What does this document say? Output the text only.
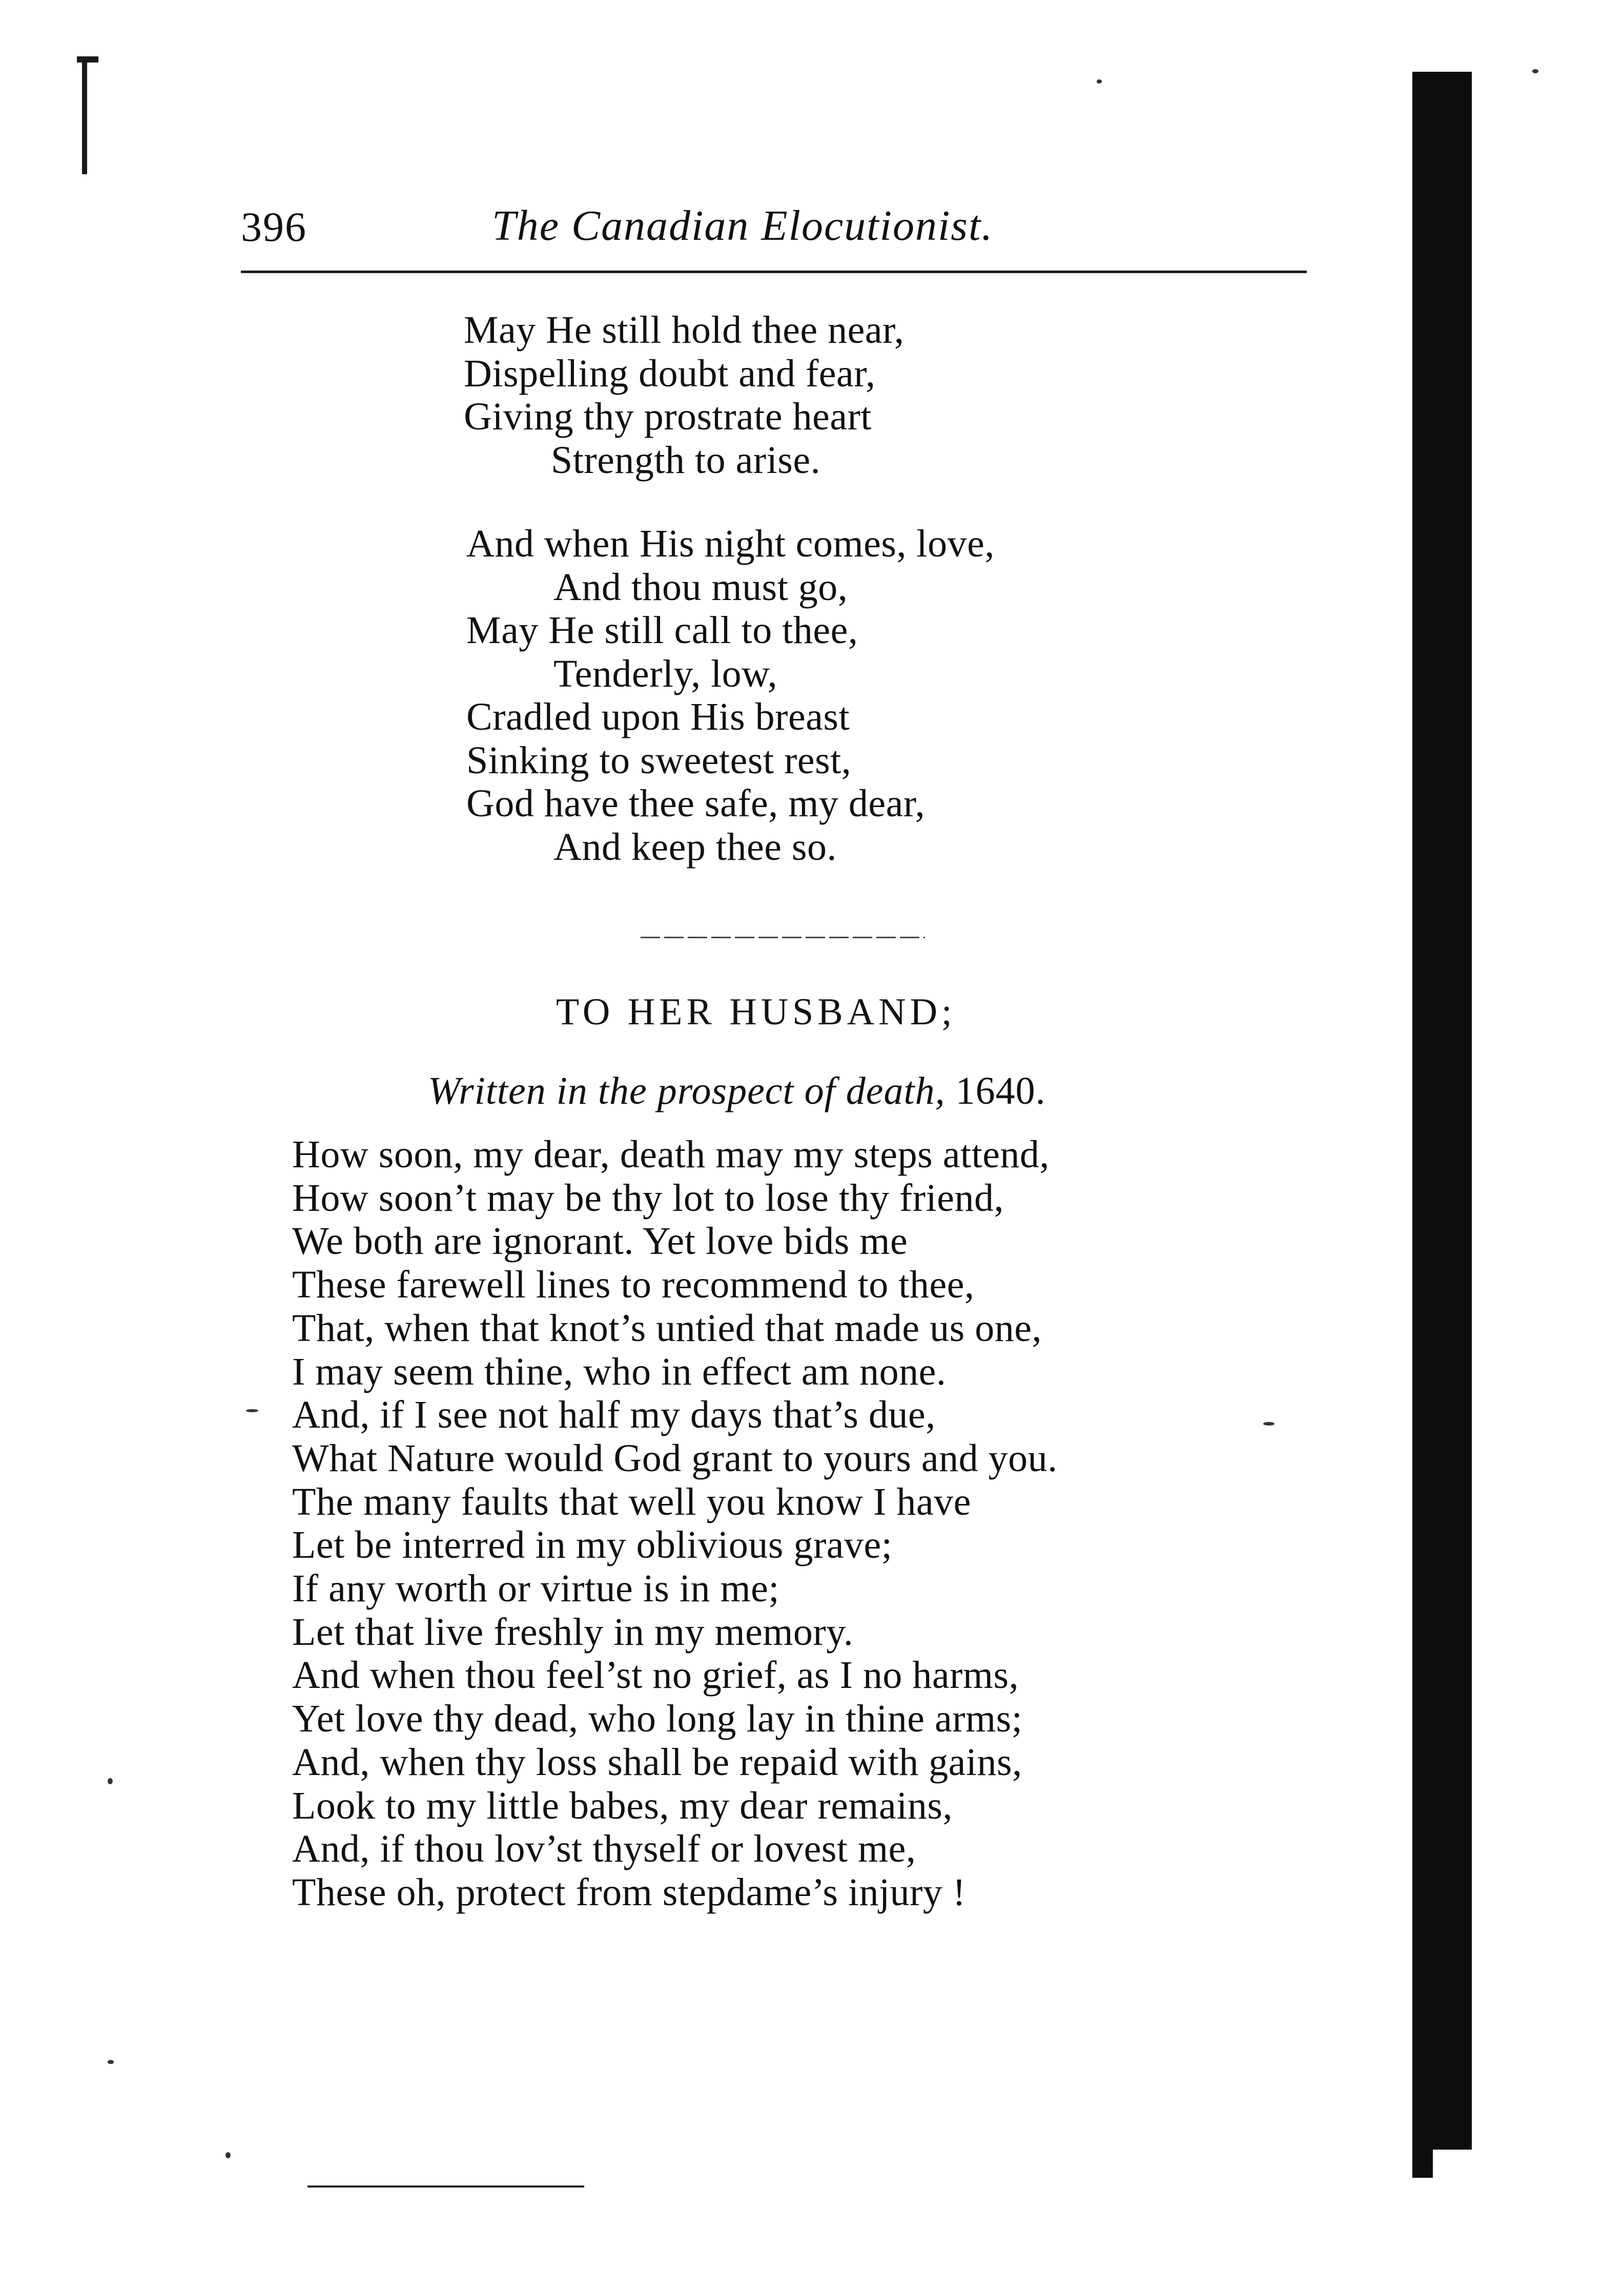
396	The Canadian Elocutionist.
May He still hold thee near,
Dispelling doubt and fear,
Giving thy prostrate heart
Strength to arise.
And when His night comes, love,
And thou must go,
May He still call to thee,
Tenderly, low,
Cradled upon His breast
Sinking to sweetest rest,
God have thee safe, my dear,
And keep thee so.
TO HER HUSBAND;
Written in the prospect of death, 1640.
How soon, my dear, death may my steps attend,
How soon’t may be thy lot to lose thy friend,
We both are ignorant. Yet love bids me
These farewell lines to recommend to thee,
That, when that knot’s untied that made us one,
I may seem thine, who in effect am none.
And, if I see not half my days that’s due,
What Nature would God grant to yours and you.
The many faults that well you know I have
Let be interred in my oblivious grave;
If any worth or virtue is in me;
Let that live freshly in my memory.
And when thou feel’st no grief, as I no harms,
Yet love thy dead, who long lay in thine arms;
And, when thy loss shall be repaid with gains,
Look to my little babes, my dear remains,
And, if thou lov’st thyself or lovest me,
These oh, protect from stepdame’s injury !
